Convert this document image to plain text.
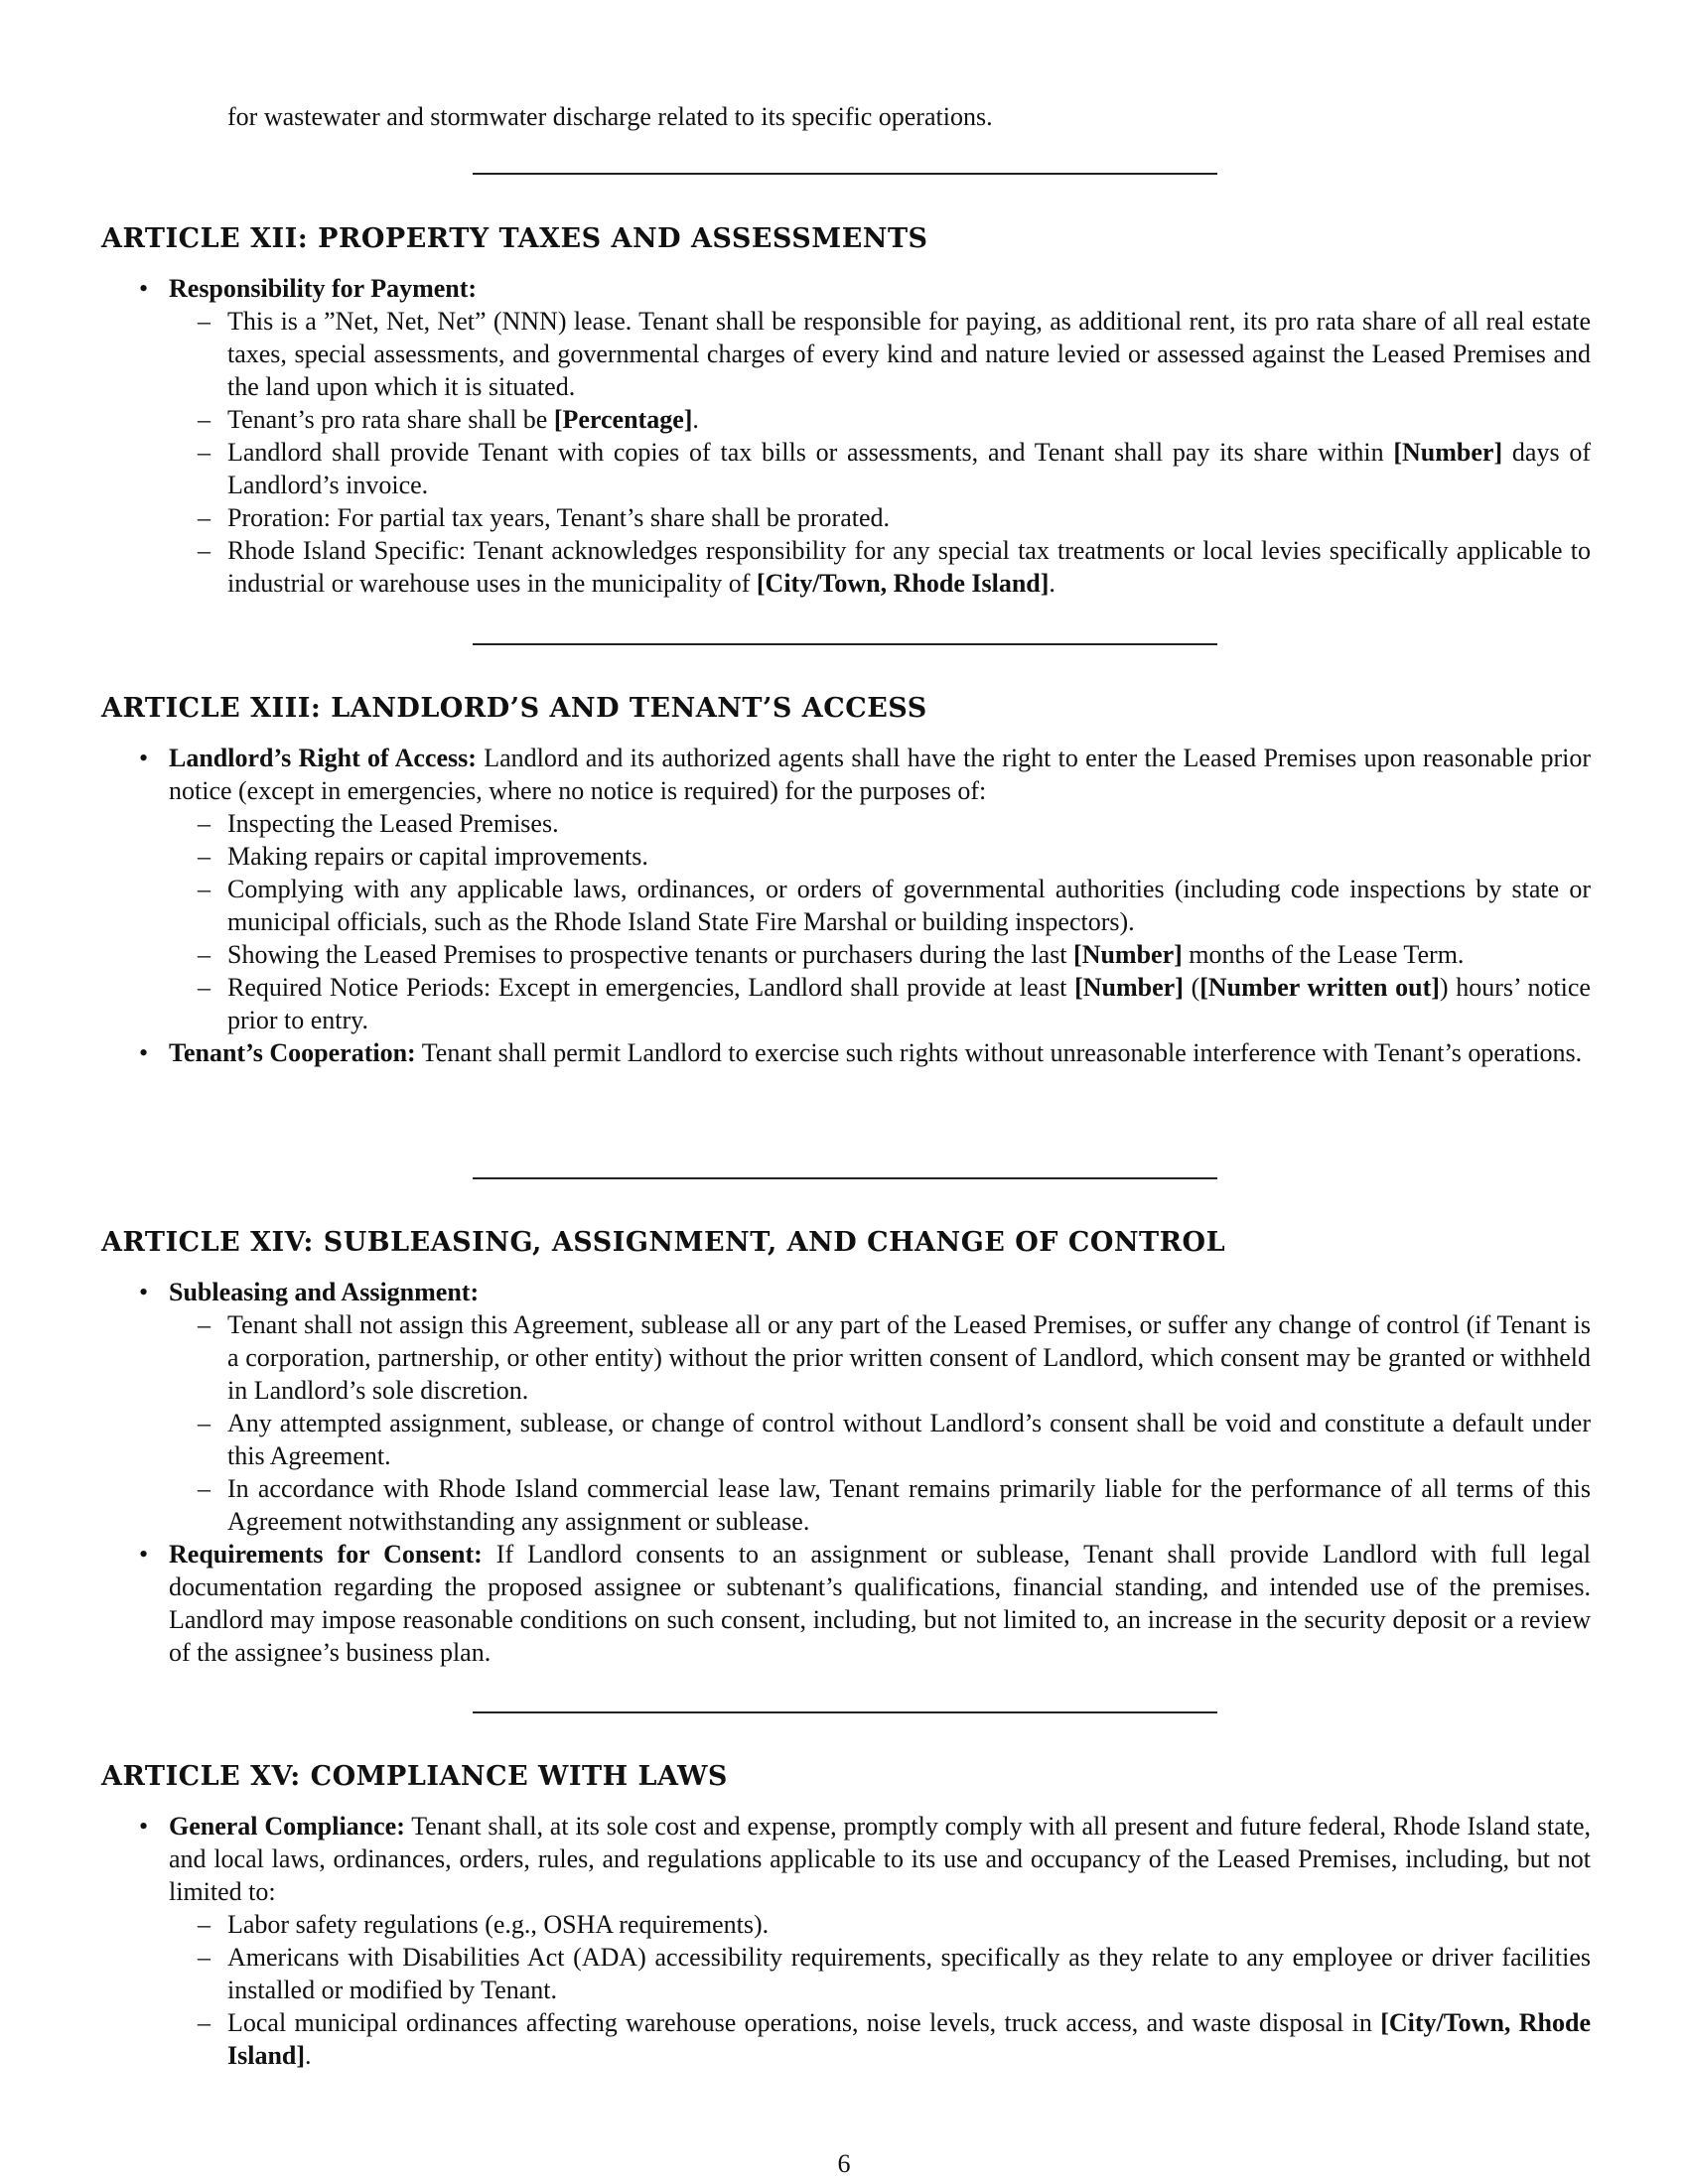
for wastewater and stormwater discharge related to its specific operations.
ARTICLE XII: PROPERTY TAXES AND ASSESSMENTS
• Responsibility for Payment:
– This is a ”Net, Net, Net” (NNN) lease. Tenant shall be responsible for paying, as additional rent, its pro rata share of all real estate taxes, special assessments, and governmental charges of every kind and nature levied or assessed against the Leased Premises and the land upon which it is situated.
– Tenant’s pro rata share shall be [Percentage].
– Landlord shall provide Tenant with copies of tax bills or assessments, and Tenant shall pay its share within [Number] days of Landlord’s invoice.
– Proration: For partial tax years, Tenant’s share shall be prorated.
– Rhode Island Specific: Tenant acknowledges responsibility for any special tax treatments or local levies specifically applicable to industrial or warehouse uses in the municipality of [City/Town, Rhode Island].
ARTICLE XIII: LANDLORD’S AND TENANT’S ACCESS
• Landlord’s Right of Access: Landlord and its authorized agents shall have the right to enter the Leased Premises upon reasonable prior notice (except in emergencies, where no notice is required) for the purposes of:
– Inspecting the Leased Premises.
– Making repairs or capital improvements.
– Complying with any applicable laws, ordinances, or orders of governmental authorities (including code inspections by state or municipal officials, such as the Rhode Island State Fire Marshal or building inspectors).
– Showing the Leased Premises to prospective tenants or purchasers during the last [Number] months of the Lease Term.
– Required Notice Periods: Except in emergencies, Landlord shall provide at least [Number] ([Number written out]) hours’ notice prior to entry.
• Tenant’s Cooperation: Tenant shall permit Landlord to exercise such rights without unreasonable interference with Tenant’s operations.
ARTICLE XIV: SUBLEASING, ASSIGNMENT, AND CHANGE OF CONTROL
• Subleasing and Assignment:
– Tenant shall not assign this Agreement, sublease all or any part of the Leased Premises, or suffer any change of control (if Tenant is a corporation, partnership, or other entity) without the prior written consent of Landlord, which consent may be granted or withheld in Landlord’s sole discretion.
– Any attempted assignment, sublease, or change of control without Landlord’s consent shall be void and constitute a default under this Agreement.
– In accordance with Rhode Island commercial lease law, Tenant remains primarily liable for the performance of all terms of this Agreement notwithstanding any assignment or sublease.
• Requirements for Consent: If Landlord consents to an assignment or sublease, Tenant shall provide Landlord with full legal documentation regarding the proposed assignee or subtenant’s qualifications, financial standing, and intended use of the premises. Landlord may impose reasonable conditions on such consent, including, but not limited to, an increase in the security deposit or a review of the assignee’s business plan.
ARTICLE XV: COMPLIANCE WITH LAWS
• General Compliance: Tenant shall, at its sole cost and expense, promptly comply with all present and future federal, Rhode Island state, and local laws, ordinances, orders, rules, and regulations applicable to its use and occupancy of the Leased Premises, including, but not limited to:
– Labor safety regulations (e.g., OSHA requirements).
– Americans with Disabilities Act (ADA) accessibility requirements, specifically as they relate to any employee or driver facilities installed or modified by Tenant.
– Local municipal ordinances affecting warehouse operations, noise levels, truck access, and waste disposal in [City/Town, Rhode Island].
6
